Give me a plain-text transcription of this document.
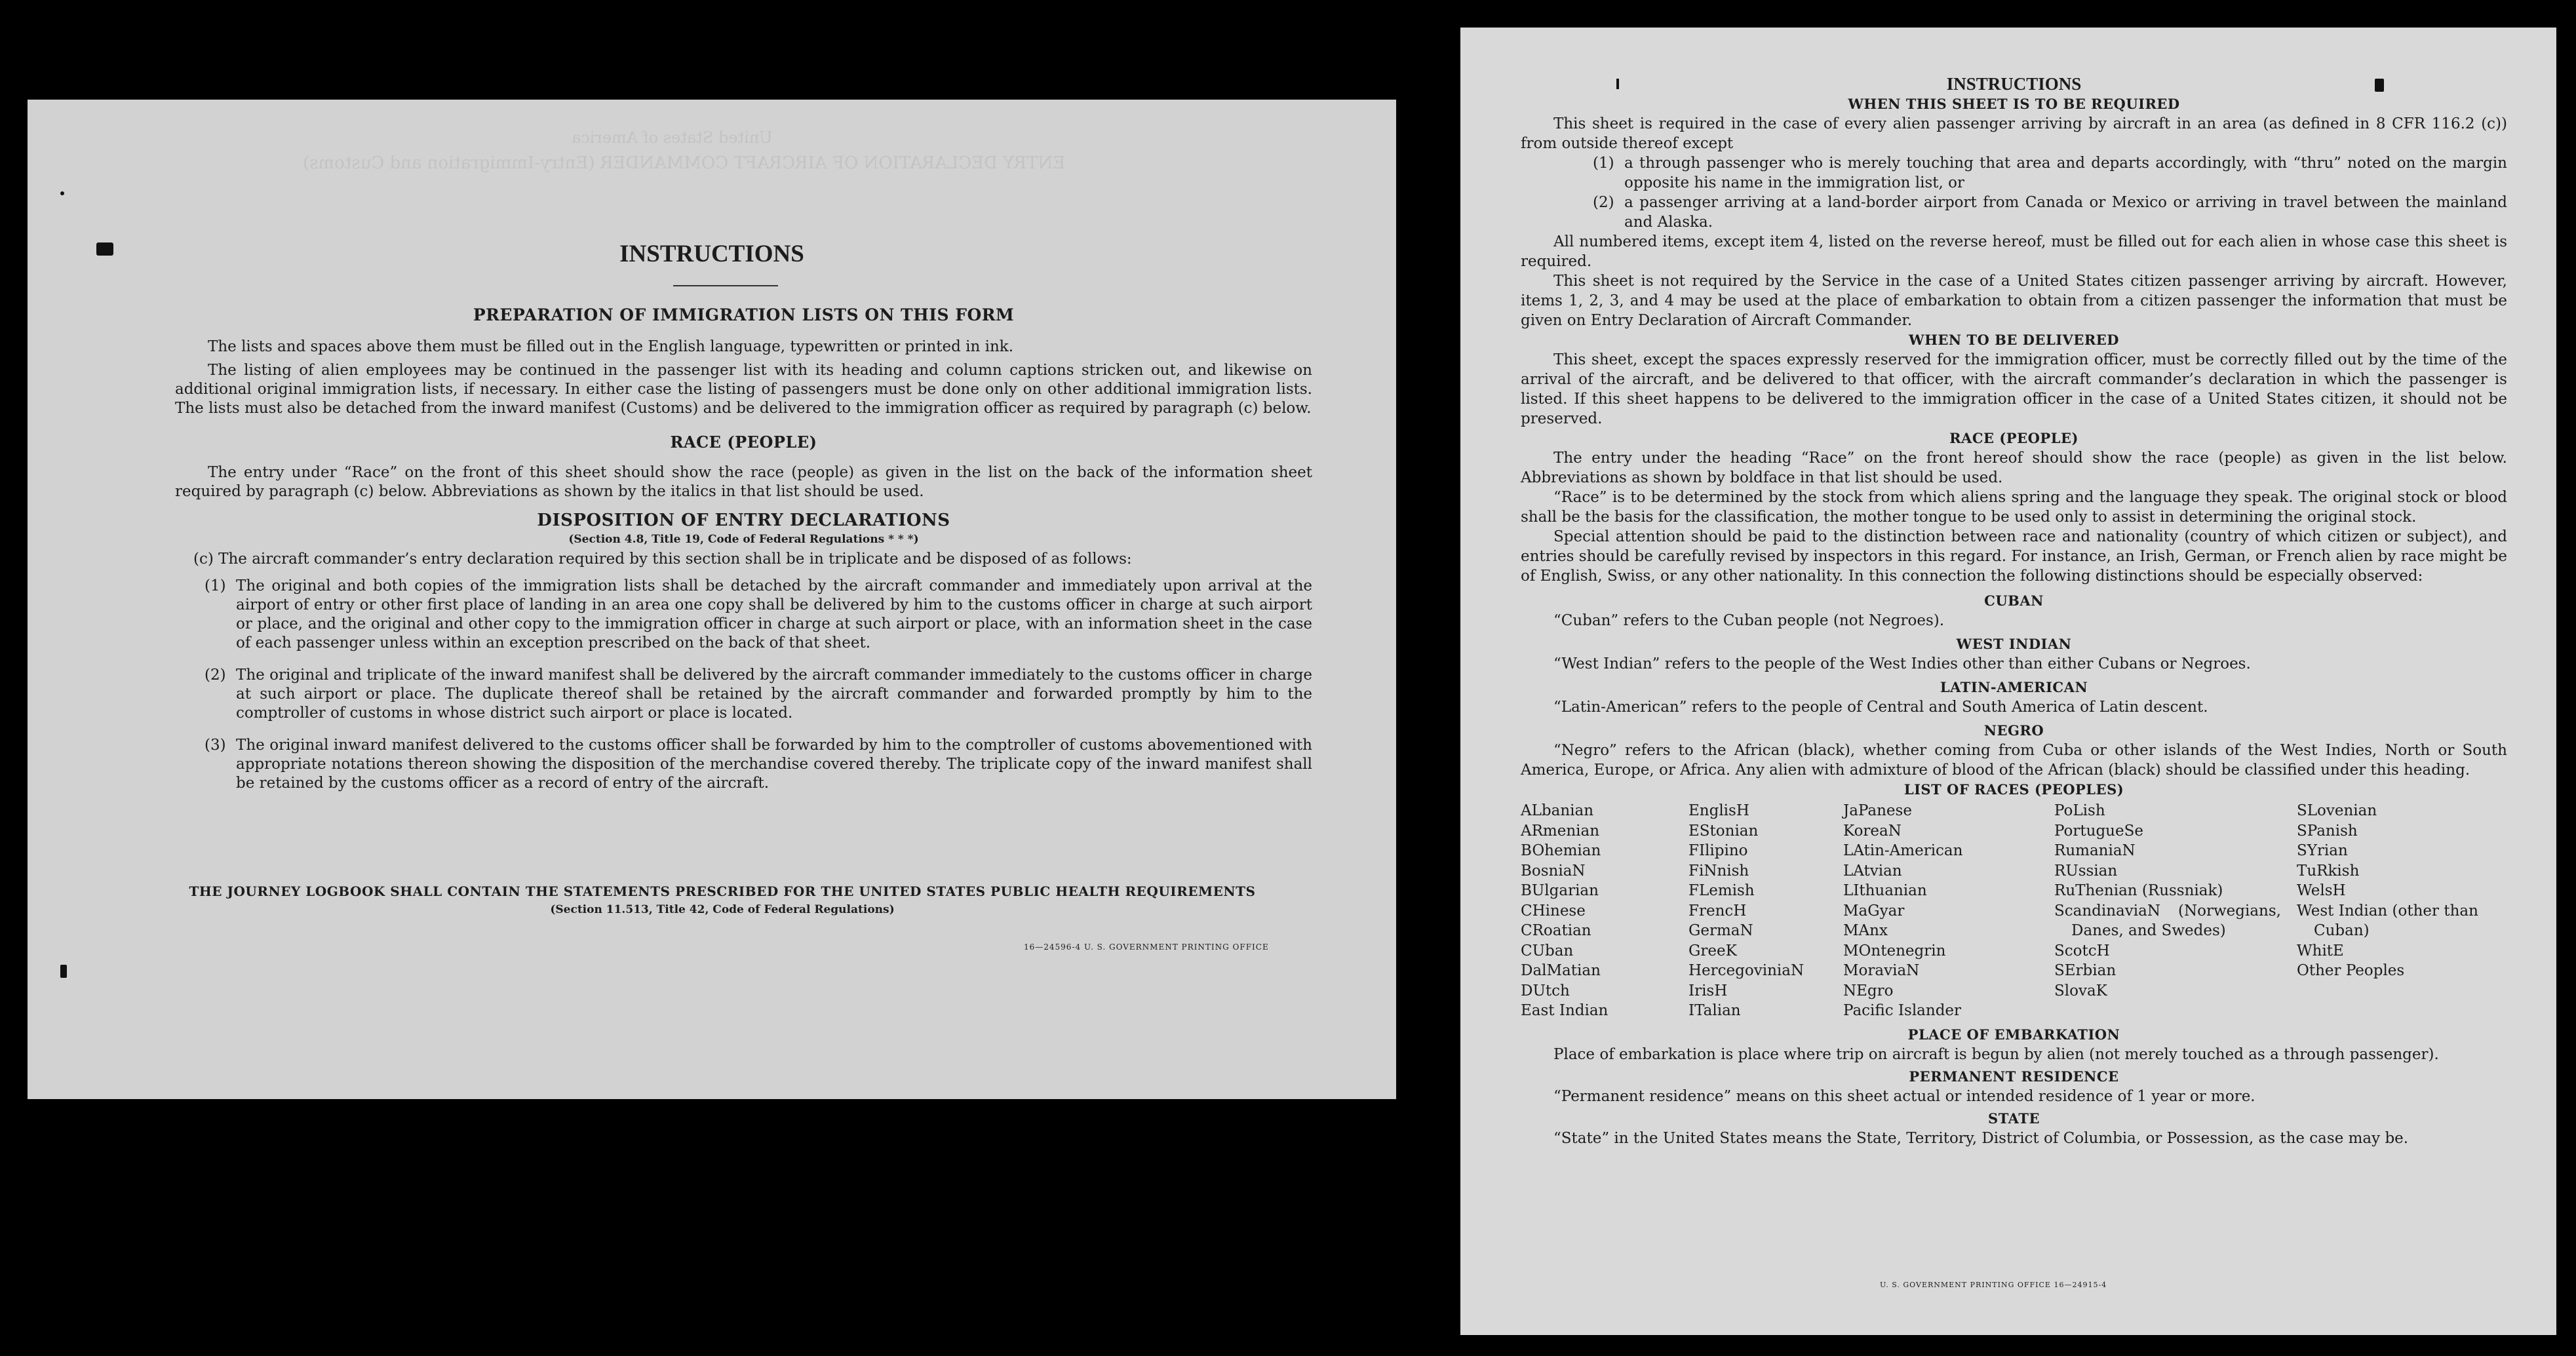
United States of America
ENTRY DECLARATION OF AIRCRAFT COMMANDER (Entry-Immigration and Customs)
INSTRUCTIONS
PREPARATION OF IMMIGRATION LISTS ON THIS FORM

The lists and spaces above them must be filled out in the English language, typewritten or printed in ink.

The listing of alien employees may be continued in the passenger list with its heading and column captions stricken out, and likewise on additional original immigration lists, if necessary. In either case the listing of passengers must be done only on other additional immigration lists. The lists must also be detached from the inward manifest (Customs) and be delivered to the immigration officer as required by paragraph (c) below.

RACE (PEOPLE)

The entry under “Race” on the front of this sheet should show the race (people) as given in the list on the back of the information sheet required by paragraph (c) below. Abbreviations as shown by the italics in that list should be used.

DISPOSITION OF ENTRY DECLARATIONS
(Section 4.8, Title 19, Code of Federal Regulations * * *)

(c) The aircraft commander’s entry declaration required by this section shall be in triplicate and be disposed of as follows:

(1) The original and both copies of the immigration lists shall be detached by the aircraft commander and immediately upon arrival at the airport of entry or other first place of landing in an area one copy shall be delivered by him to the customs officer in charge at such airport or place, and the original and other copy to the immigration officer in charge at such airport or place, with an information sheet in the case of each passenger unless within an exception prescribed on the back of that sheet.
(2) The original and triplicate of the inward manifest shall be delivered by the aircraft commander immediately to the customs officer in charge at such airport or place. The duplicate thereof shall be retained by the aircraft commander and forwarded promptly by him to the comptroller of customs in whose district such airport or place is located.
(3) The original inward manifest delivered to the customs officer shall be forwarded by him to the comptroller of customs abovementioned with appropriate notations thereon showing the disposition of the merchandise covered thereby. The triplicate copy of the inward manifest shall be retained by the customs officer as a record of entry of the aircraft.
THE JOURNEY LOGBOOK SHALL CONTAIN THE STATEMENTS PRESCRIBED FOR THE UNITED STATES PUBLIC HEALTH REQUIREMENTS
(Section 11.513, Title 42, Code of Federal Regulations)
16—24596-4 U. S. GOVERNMENT PRINTING OFFICE
INSTRUCTIONS
WHEN THIS SHEET IS TO BE REQUIRED

This sheet is required in the case of every alien passenger arriving by aircraft in an area (as defined in 8 CFR 116.2 (c)) from outside thereof except

(1) a through passenger who is merely touching that area and departs accordingly, with “thru” noted on the margin opposite his name in the immigration list, or
(2) a passenger arriving at a land-border airport from Canada or Mexico or arriving in travel between the mainland and Alaska.

All numbered items, except item 4, listed on the reverse hereof, must be filled out for each alien in whose case this sheet is required.

This sheet is not required by the Service in the case of a United States citizen passenger arriving by aircraft. However, items 1, 2, 3, and 4 may be used at the place of embarkation to obtain from a citizen passenger the information that must be given on Entry Declaration of Aircraft Commander.

WHEN TO BE DELIVERED

This sheet, except the spaces expressly reserved for the immigration officer, must be correctly filled out by the time of the arrival of the aircraft, and be delivered to that officer, with the aircraft commander’s declaration in which the passenger is listed. If this sheet happens to be delivered to the immigration officer in the case of a United States citizen, it should not be preserved.

RACE (PEOPLE)

The entry under the heading “Race” on the front hereof should show the race (people) as given in the list below. Abbreviations as shown by boldface in that list should be used.

“Race” is to be determined by the stock from which aliens spring and the language they speak. The original stock or blood shall be the basis for the classification, the mother tongue to be used only to assist in determining the original stock.

Special attention should be paid to the distinction between race and nationality (country of which citizen or subject), and entries should be carefully revised by inspectors in this regard. For instance, an Irish, German, or French alien by race might be of English, Swiss, or any other nationality. In this connection the following distinctions should be especially observed:

CUBAN

“Cuban” refers to the Cuban people (not Negroes).

WEST INDIAN

“West Indian” refers to the people of the West Indies other than either Cubans or Negroes.

LATIN-AMERICAN

“Latin-American” refers to the people of Central and South America of Latin descent.

NEGRO

“Negro” refers to the African (black), whether coming from Cuba or other islands of the West Indies, North or South America, Europe, or Africa. Any alien with admixture of blood of the African (black) should be classified under this heading.

LIST OF RACES (PEOPLES)
ALbanian
ARmenian
BOhemian
BosniaN
BUlgarian
CHinese
CRoatian
CUban
DalMatian
DUtch
East Indian
EnglisH
EStonian
FIlipino
FiNnish
FLemish
FrencH
GermaN
GreeK
HercegovinіaN
IrisH
ITalian
JaPanese
KoreaN
LAtin-American
LAtvian
LIthuanian
MaGyar
MAnx
MOntenegrin
MoraviaN
NEgro
Pacific Islander
PoLish
PortugueSe
RumaniaN
RUssian
RuThenian (Russniak)
ScandinaviaN (Norwegians, Danes, and Swedes)
ScotcH
SErbian
SlovaK
SLovenian
SPanish
SYrian
TuRkish
WelsH
West Indian (other than Cuban)
WhitE
Other Peoples
PLACE OF EMBARKATION

Place of embarkation is place where trip on aircraft is begun by alien (not merely touched as a through passenger).

PERMANENT RESIDENCE

“Permanent residence” means on this sheet actual or intended residence of 1 year or more.

STATE

“State” in the United States means the State, Territory, District of Columbia, or Possession, as the case may be.

U. S. GOVERNMENT PRINTING OFFICE 16—24915-4
